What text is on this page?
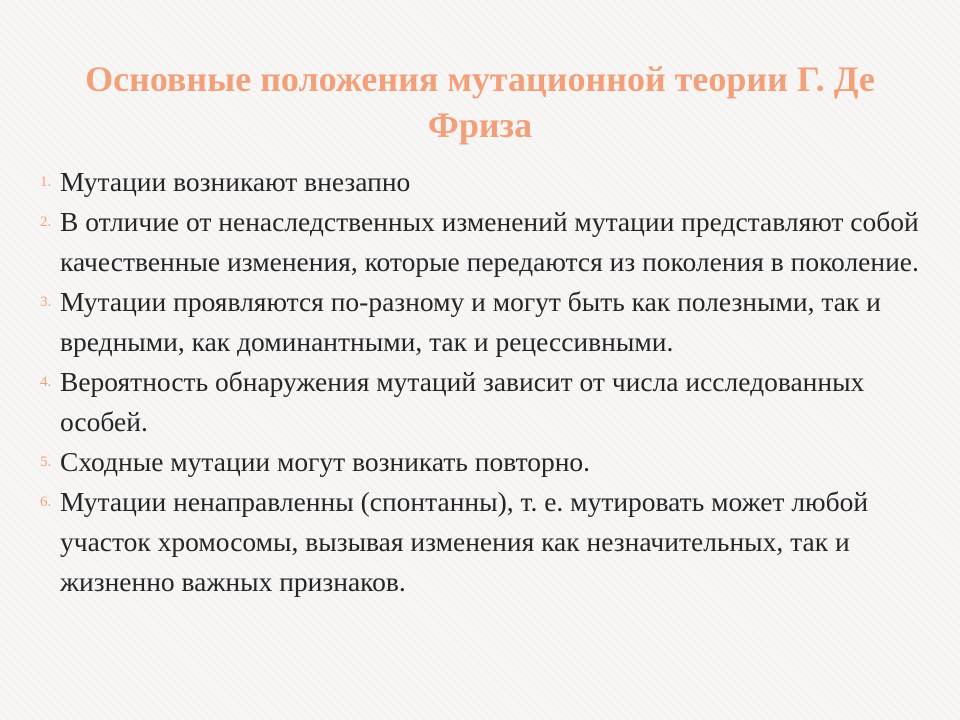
Основные положения мутационной теории Г. Де Фриза
1. Мутации возникают внезапно
2. В отличие от ненаследственных изменений мутации представляют собой качественные изменения, которые передаются из поколения в поколение.
3. Мутации проявляются по-разному и могут быть как полезными, так и вредными, как доминантными, так и рецессивными.
4. Вероятность обнаружения мутаций зависит от числа исследованных особей.
5. Сходные мутации могут возникать повторно.
6. Мутации ненаправленны (спонтанны), т. е. мутировать может любой участок хромосомы, вызывая изменения как незначительных, так и жизненно важных признаков.
